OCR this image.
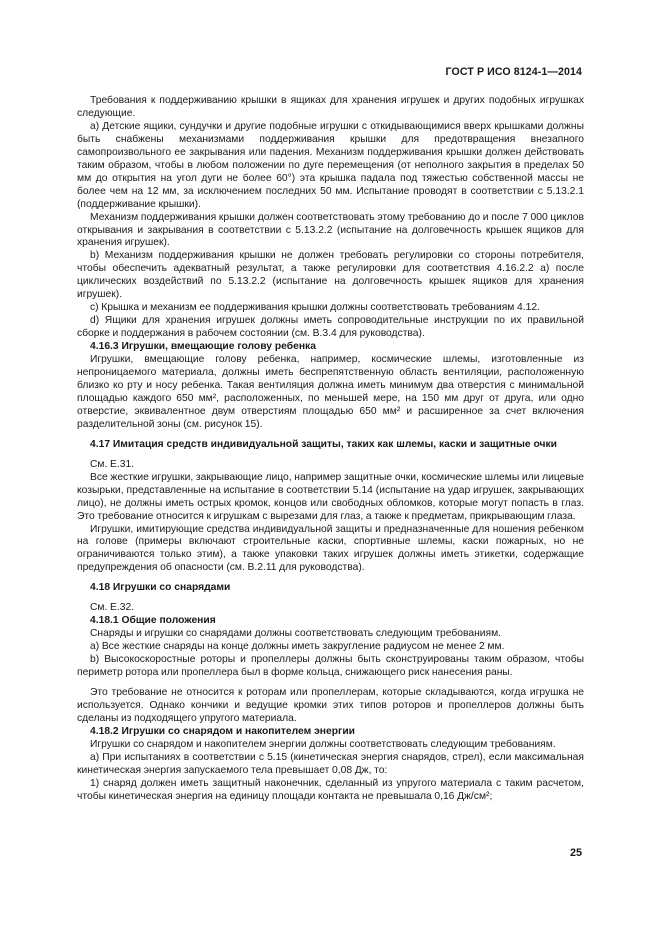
ГОСТ Р ИСО 8124-1—2014

Требования к поддерживанию крышки в ящиках для хранения игрушек и других подобных игрушках следующие.

а) Детские ящики, сундучки и другие подобные игрушки с откидывающимися вверх крышками должны быть снабжены механизмами поддерживания крышки для предотвращения внезапного самопроизвольного ее закрывания или падения. Механизм поддерживания крышки должен действовать таким образом, чтобы в любом положении по дуге перемещения (от неполного закрытия в пределах 50 мм до открытия на угол дуги не более 60°) эта крышка падала под тяжестью собственной массы не более чем на 12 мм, за исключением последних 50 мм. Испытание проводят в соответствии с 5.13.2.1 (поддерживание крышки).

Механизм поддерживания крышки должен соответствовать этому требованию до и после 7 000 циклов открывания и закрывания в соответствии с 5.13.2.2 (испытание на долговечность крышек ящиков для хранения игрушек).

b) Механизм поддерживания крышки не должен требовать регулировки со стороны потребителя, чтобы обеспечить адекватный результат, а также регулировки для соответствия 4.16.2.2 а) после циклических воздействий по 5.13.2.2 (испытание на долговечность крышек ящиков для хранения игрушек).

с) Крышка и механизм ее поддерживания крышки должны соответствовать требованиям 4.12.

d) Ящики для хранения игрушек должны иметь сопроводительные инструкции по их правильной сборке и поддержания в рабочем состоянии (см. В.3.4 для руководства).

4.16.3 Игрушки, вмещающие голову ребенка

Игрушки, вмещающие голову ребенка, например, космические шлемы, изготовленные из непроницаемого материала, должны иметь беспрепятственную область вентиляции, расположенную близко ко рту и носу ребенка. Такая вентиляция должна иметь минимум два отверстия с минимальной площадью каждого 650 мм², расположенных, по меньшей мере, на 150 мм друг от друга, или одно отверстие, эквивалентное двум отверстиям площадью 650 мм² и расширенное за счет включения разделительной зоны (см. рисунок 15).

4.17 Имитация средств индивидуальной защиты, таких как шлемы, каски и защитные очки

См. Е.31.

Все жесткие игрушки, закрывающие лицо, например защитные очки, космические шлемы или лицевые козырьки, представленные на испытание в соответствии 5.14 (испытание на удар игрушек, закрывающих лицо), не должны иметь острых кромок, концов или свободных обломков, которые могут попасть в глаз. Это требование относится к игрушкам с вырезами для глаз, а также к предметам, прикрывающим глаза.

Игрушки, имитирующие средства индивидуальной защиты и предназначенные для ношения ребенком на голове (примеры включают строительные каски, спортивные шлемы, каски пожарных, но не ограничиваются только этим), а также упаковки таких игрушек должны иметь этикетки, содержащие предупреждения об опасности (см. В.2.11 для руководства).

4.18 Игрушки со снарядами

См. Е.32.

4.18.1 Общие положения

Снаряды и игрушки со снарядами должны соответствовать следующим требованиям.

а) Все жесткие снаряды на конце должны иметь закругление радиусом не менее 2 мм.

b) Высокоскоростные роторы и пропеллеры должны быть сконструированы таким образом, чтобы периметр ротора или пропеллера был в форме кольца, снижающего риск нанесения раны.

Это требование не относится к роторам или пропеллерам, которые складываются, когда игрушка не используется. Однако кончики и ведущие кромки этих типов роторов и пропеллеров должны быть сделаны из подходящего упругого материала.

4.18.2 Игрушки со снарядом и накопителем энергии

Игрушки со снарядом и накопителем энергии должны соответствовать следующим требованиям.

а) При испытаниях в соответствии с 5.15 (кинетическая энергия снарядов, стрел), если максимальная кинетическая энергия запускаемого тела превышает 0,08 Дж, то:

1) снаряд должен иметь защитный наконечник, сделанный из упругого материала с таким расчетом, чтобы кинетическая энергия на единицу площади контакта не превышала 0,16 Дж/см²;

25
